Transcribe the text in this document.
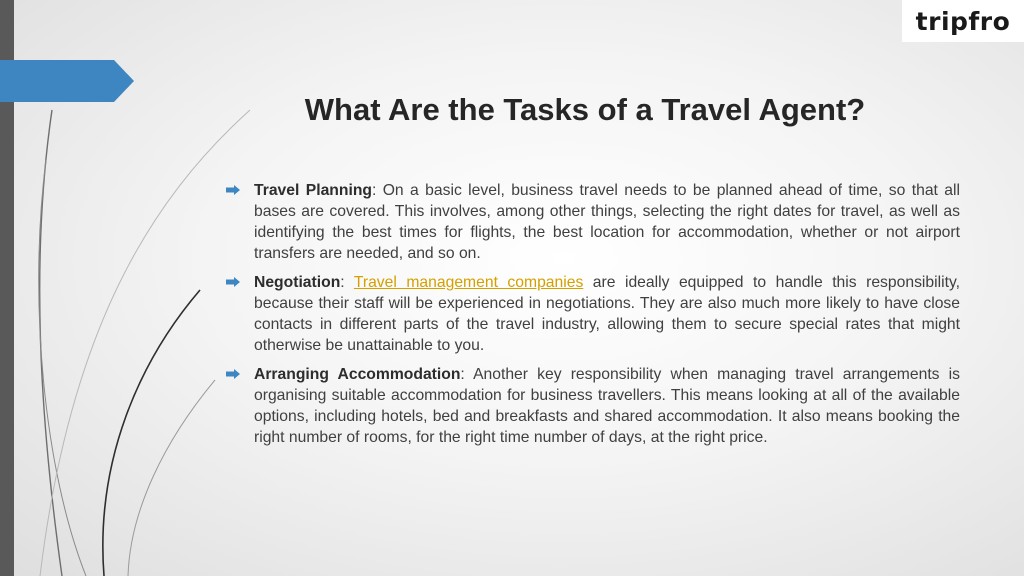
tripfro
What Are the Tasks of a Travel Agent?
Travel Planning: On a basic level, business travel needs to be planned ahead of time, so that all bases are covered. This involves, among other things, selecting the right dates for travel, as well as identifying the best times for flights, the best location for accommodation, whether or not airport transfers are needed, and so on.
Negotiation: Travel management companies are ideally equipped to handle this responsibility, because their staff will be experienced in negotiations. They are also much more likely to have close contacts in different parts of the travel industry, allowing them to secure special rates that might otherwise be unattainable to you.
Arranging Accommodation: Another key responsibility when managing travel arrangements is organising suitable accommodation for business travellers. This means looking at all of the available options, including hotels, bed and breakfasts and shared accommodation. It also means booking the right number of rooms, for the right time number of days, at the right price.
